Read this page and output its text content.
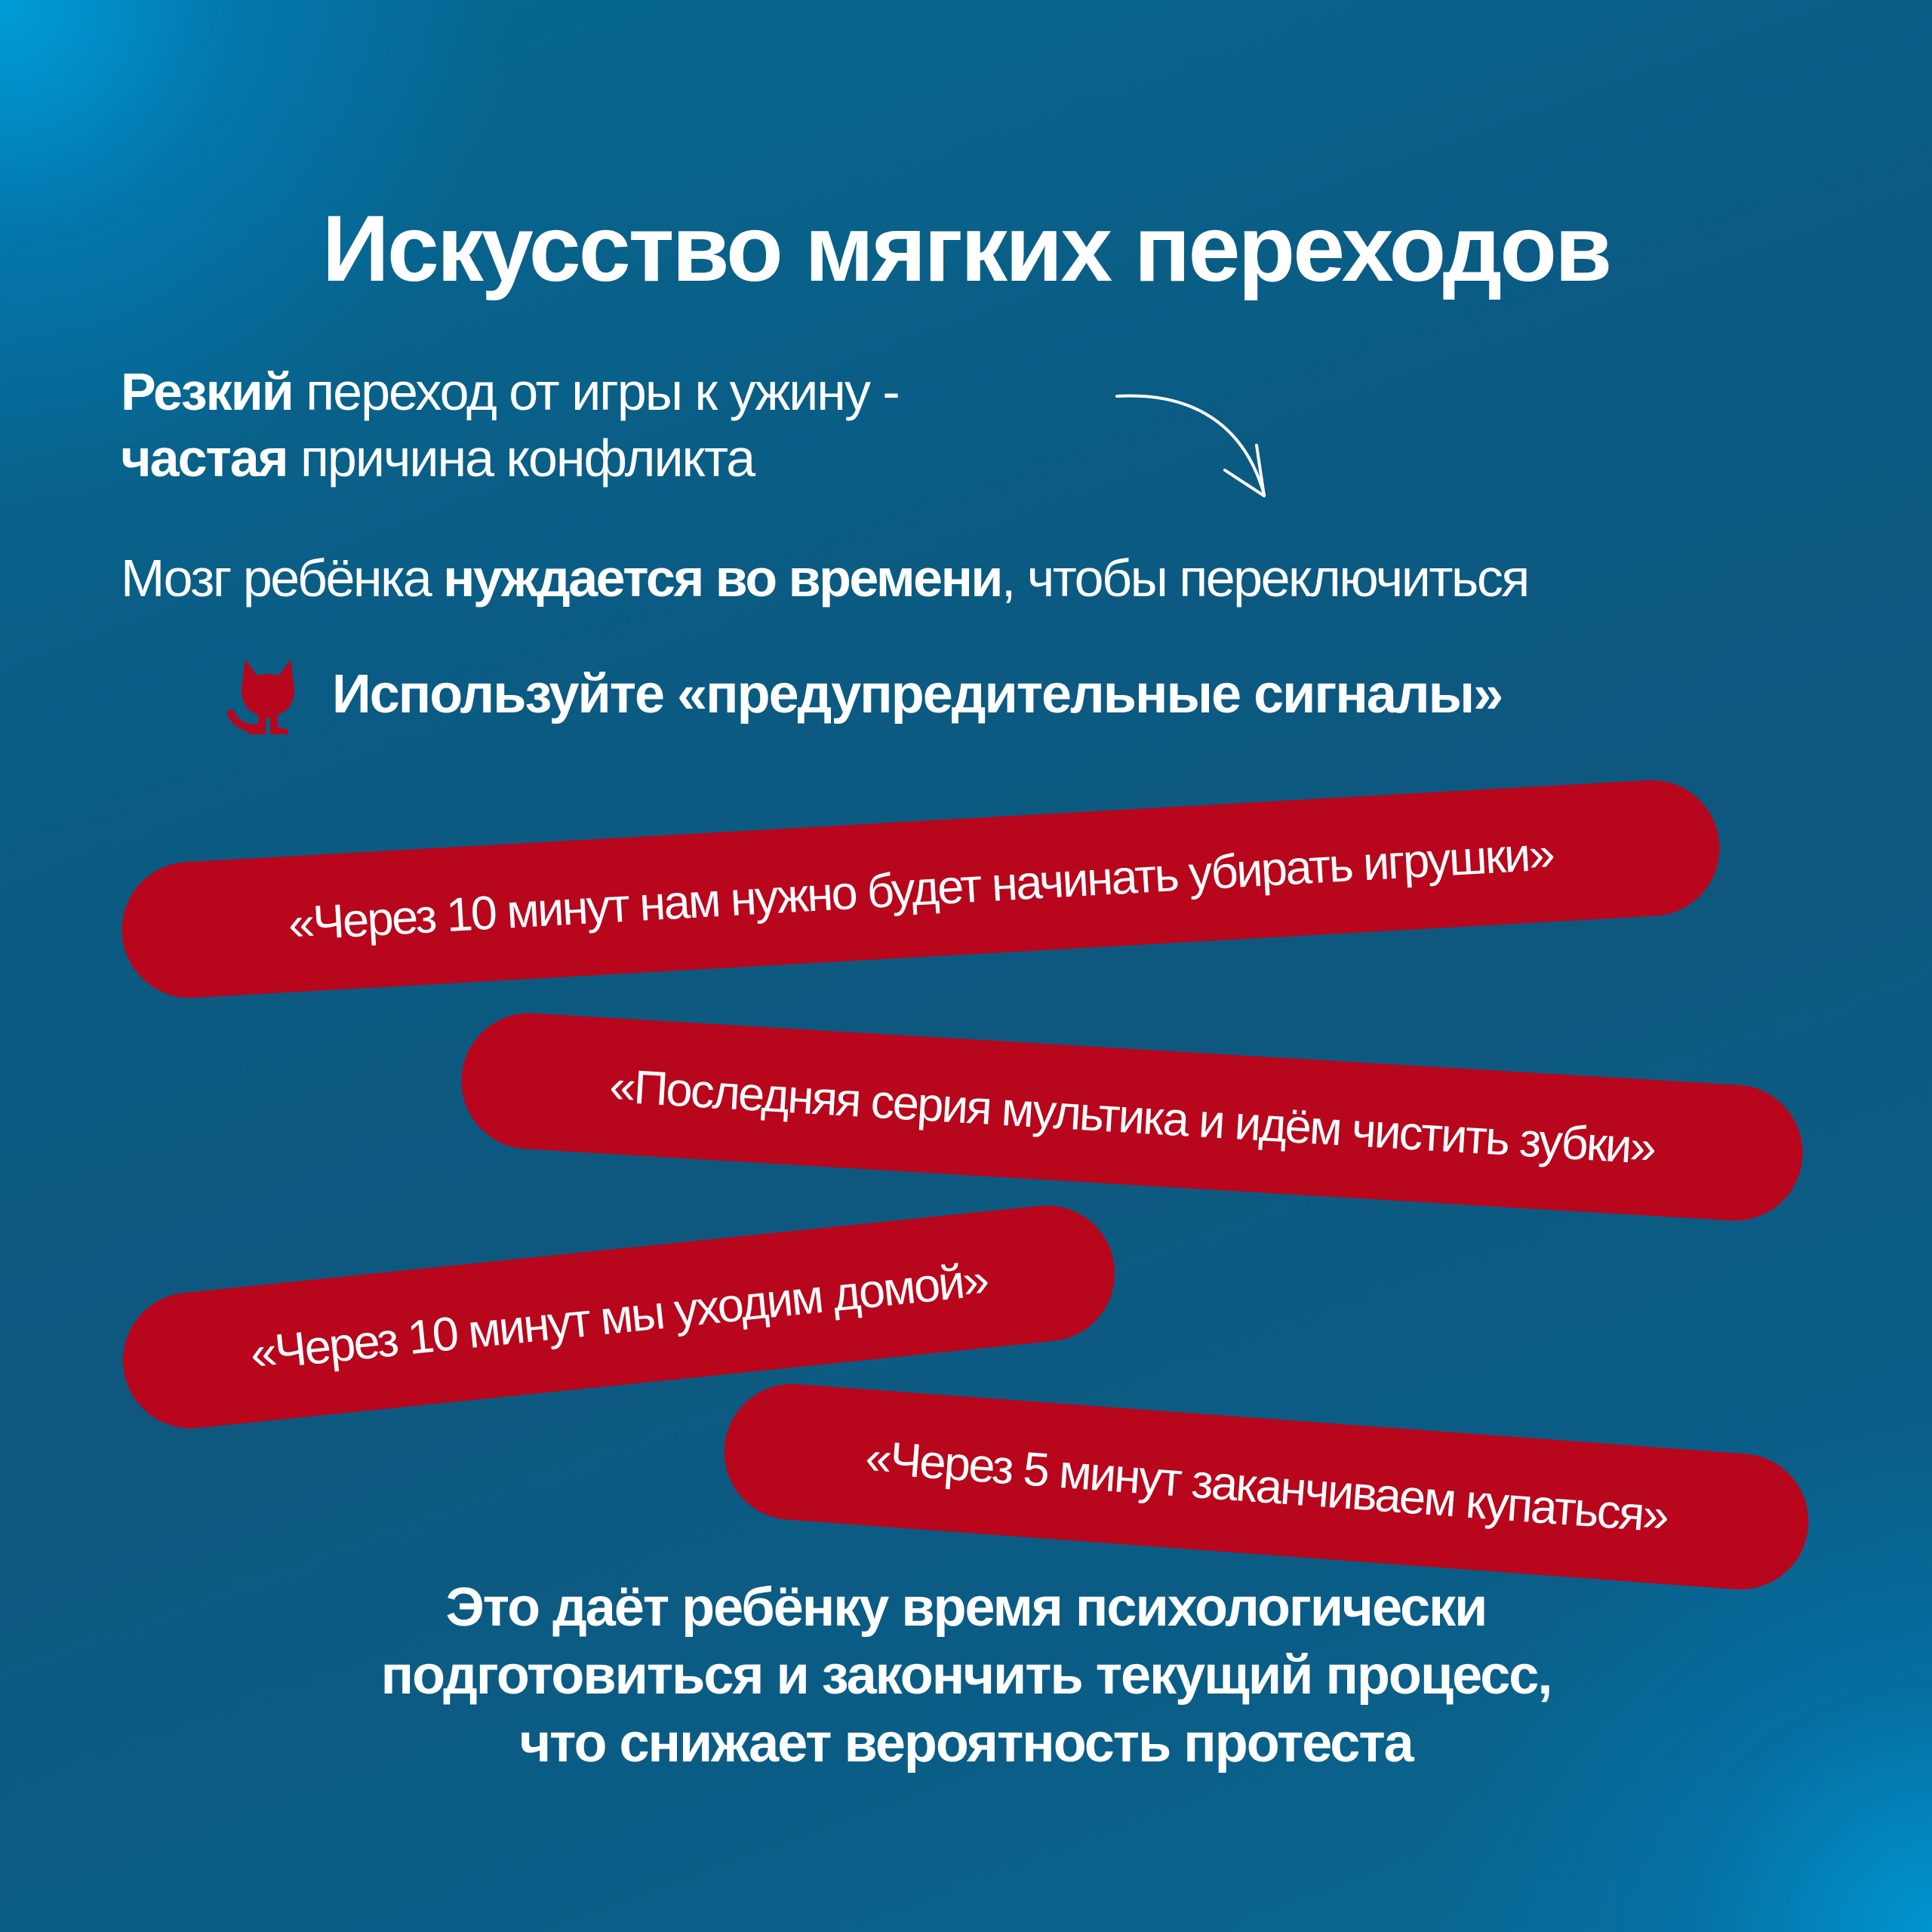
Искусство мягких переходов
Резкий переход от игры к ужину -
частая причина конфликта
Мозг ребёнка нуждается во времени, чтобы переключиться
Используйте «предупредительные сигналы»
«Через 10 минут нам нужно будет начинать убирать игрушки»
«Последняя серия мультика и идём чистить зубки»
«Через 10 минут мы уходим домой»
«Через 5 минут заканчиваем купаться»
Это даёт ребёнку время психологически
подготовиться и закончить текущий процесс,
что снижает вероятность протеста
